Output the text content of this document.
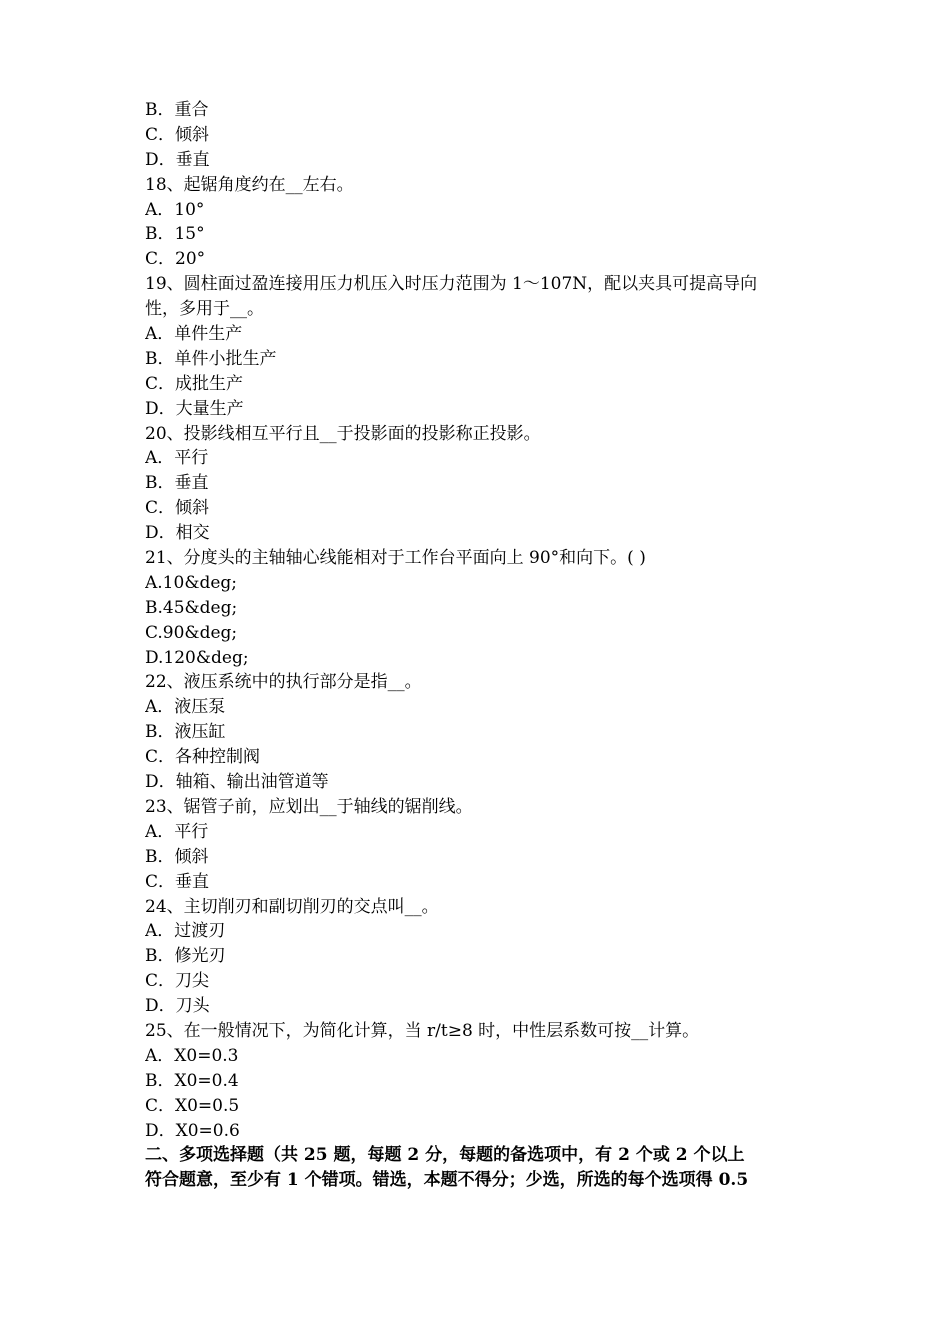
B．重合
C．倾斜
D．垂直
18、起锯角度约在__左右。
A．10°
B．15°
C．20°
19、圆柱面过盈连接用压力机压入时压力范围为 1～107N，配以夹具可提高导向
性，多用于__。
A．单件生产
B．单件小批生产
C．成批生产
D．大量生产
20、投影线相互平行且__于投影面的投影称正投影。
A．平行
B．垂直
C．倾斜
D．相交
21、分度头的主轴轴心线能相对于工作台平面向上 90°和向下。( )
A.10&deg;
B.45&deg;
C.90&deg;
D.120&deg;
22、液压系统中的执行部分是指__。
A．液压泵
B．液压缸
C．各种控制阀
D．轴箱、输出油管道等
23、锯管子前，应划出__于轴线的锯削线。
A．平行
B．倾斜
C．垂直
24、主切削刃和副切削刃的交点叫__。
A．过渡刃
B．修光刃
C．刀尖
D．刀头
25、在一般情况下，为简化计算，当 r/t≥8 时，中性层系数可按__计算。
A．X0=0.3
B．X0=0.4
C．X0=0.5
D．X0=0.6
二、多项选择题（共 25 题，每题 2 分，每题的备选项中，有 2 个或 2 个以上
符合题意，至少有 1 个错项。错选，本题不得分；少选，所选的每个选项得 0.5
